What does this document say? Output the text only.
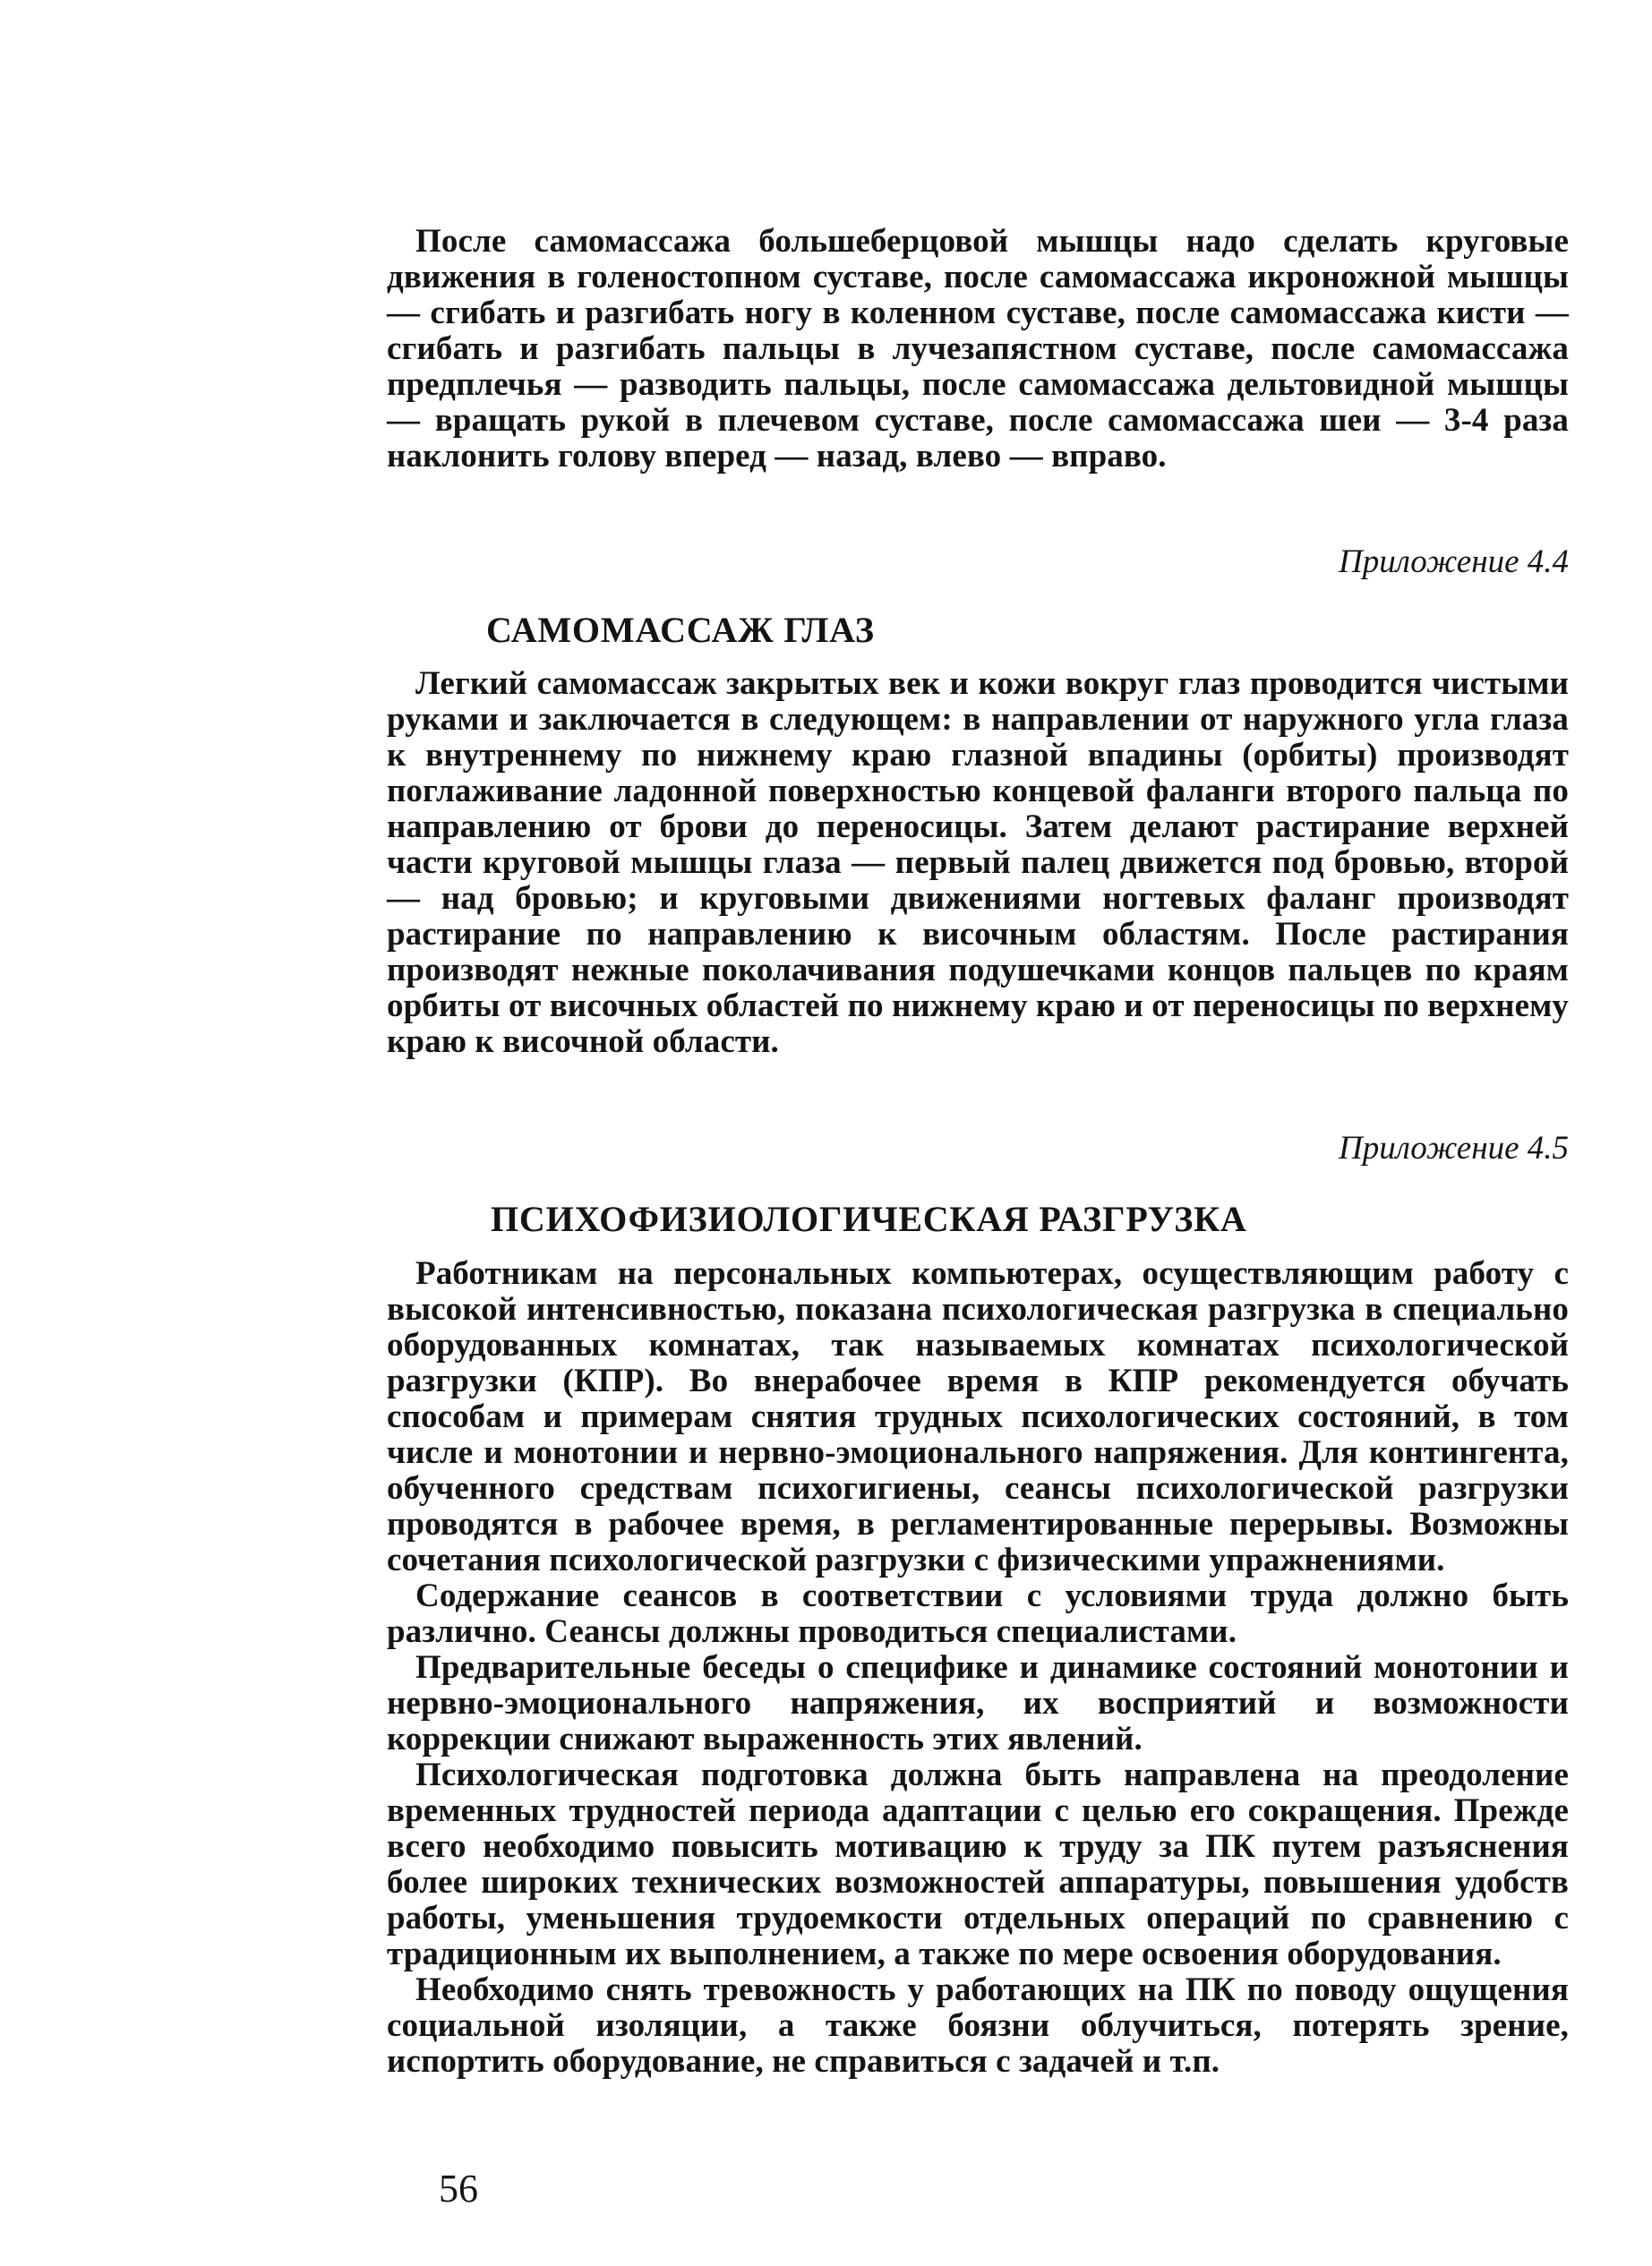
После самомассажа большеберцовой мышцы надо сделать круговые движения в голеностопном суставе, после самомассажа икроножной мышцы — сгибать и разгибать ногу в коленном суставе, после самомассажа кисти — сгибать и разгибать пальцы в лучезапястном суставе, после самомассажа предплечья — разводить пальцы, после самомассажа дельтовидной мышцы — вращать рукой в плечевом суставе, после самомассажа шеи — 3-4 раза наклонить голову вперед — назад, влево — вправо.

Приложение 4.4

САМОМАССАЖ ГЛАЗ

Легкий самомассаж закрытых век и кожи вокруг глаз проводится чистыми руками и заключается в следующем: в направлении от наружного угла глаза к внутреннему по нижнему краю глазной впадины (орбиты) производят поглаживание ладонной поверхностью концевой фаланги второго пальца по направлению от брови до переносицы. Затем делают растирание верхней части круговой мышцы глаза — первый палец движется под бровью, второй — над бровью; и круговыми движениями ногтевых фаланг производят растирание по направлению к височным областям. После растирания производят нежные поколачивания подушечками концов пальцев по краям орбиты от височных областей по нижнему краю и от переносицы по верхнему краю к височной области.

Приложение 4.5

ПСИХОФИЗИОЛОГИЧЕСКАЯ РАЗГРУЗКА

Работникам на персональных компьютерах, осуществляющим работу с высокой интенсивностью, показана психологическая разгрузка в специально оборудованных комнатах, так называемых комнатах психологической разгрузки (КПР). Во внерабочее время в КПР рекомендуется обучать способам и примерам снятия трудных психологических состояний, в том числе и монотонии и нервно-эмоционального напряжения. Для контингента, обученного средствам психогигиены, сеансы психологической разгрузки проводятся в рабочее время, в регламентированные перерывы. Возможны сочетания психологической разгрузки с физическими упражнениями.

Содержание сеансов в соответствии с условиями труда должно быть различно. Сеансы должны проводиться специалистами.

Предварительные беседы о специфике и динамике состояний монотонии и нервно-эмоционального напряжения, их восприятий и возможности коррекции снижают выраженность этих явлений.

Психологическая подготовка должна быть направлена на преодоление временных трудностей периода адаптации с целью его сокращения. Прежде всего необходимо повысить мотивацию к труду за ПК путем разъяснения более широких технических возможностей аппаратуры, повышения удобств работы, уменьшения трудоемкости отдельных операций по сравнению с традиционным их выполнением, а также по мере освоения оборудования.

Необходимо снять тревожность у работающих на ПК по поводу ощущения социальной изоляции, а также боязни облучиться, потерять зрение, испортить оборудование, не справиться с задачей и т.п.

56
